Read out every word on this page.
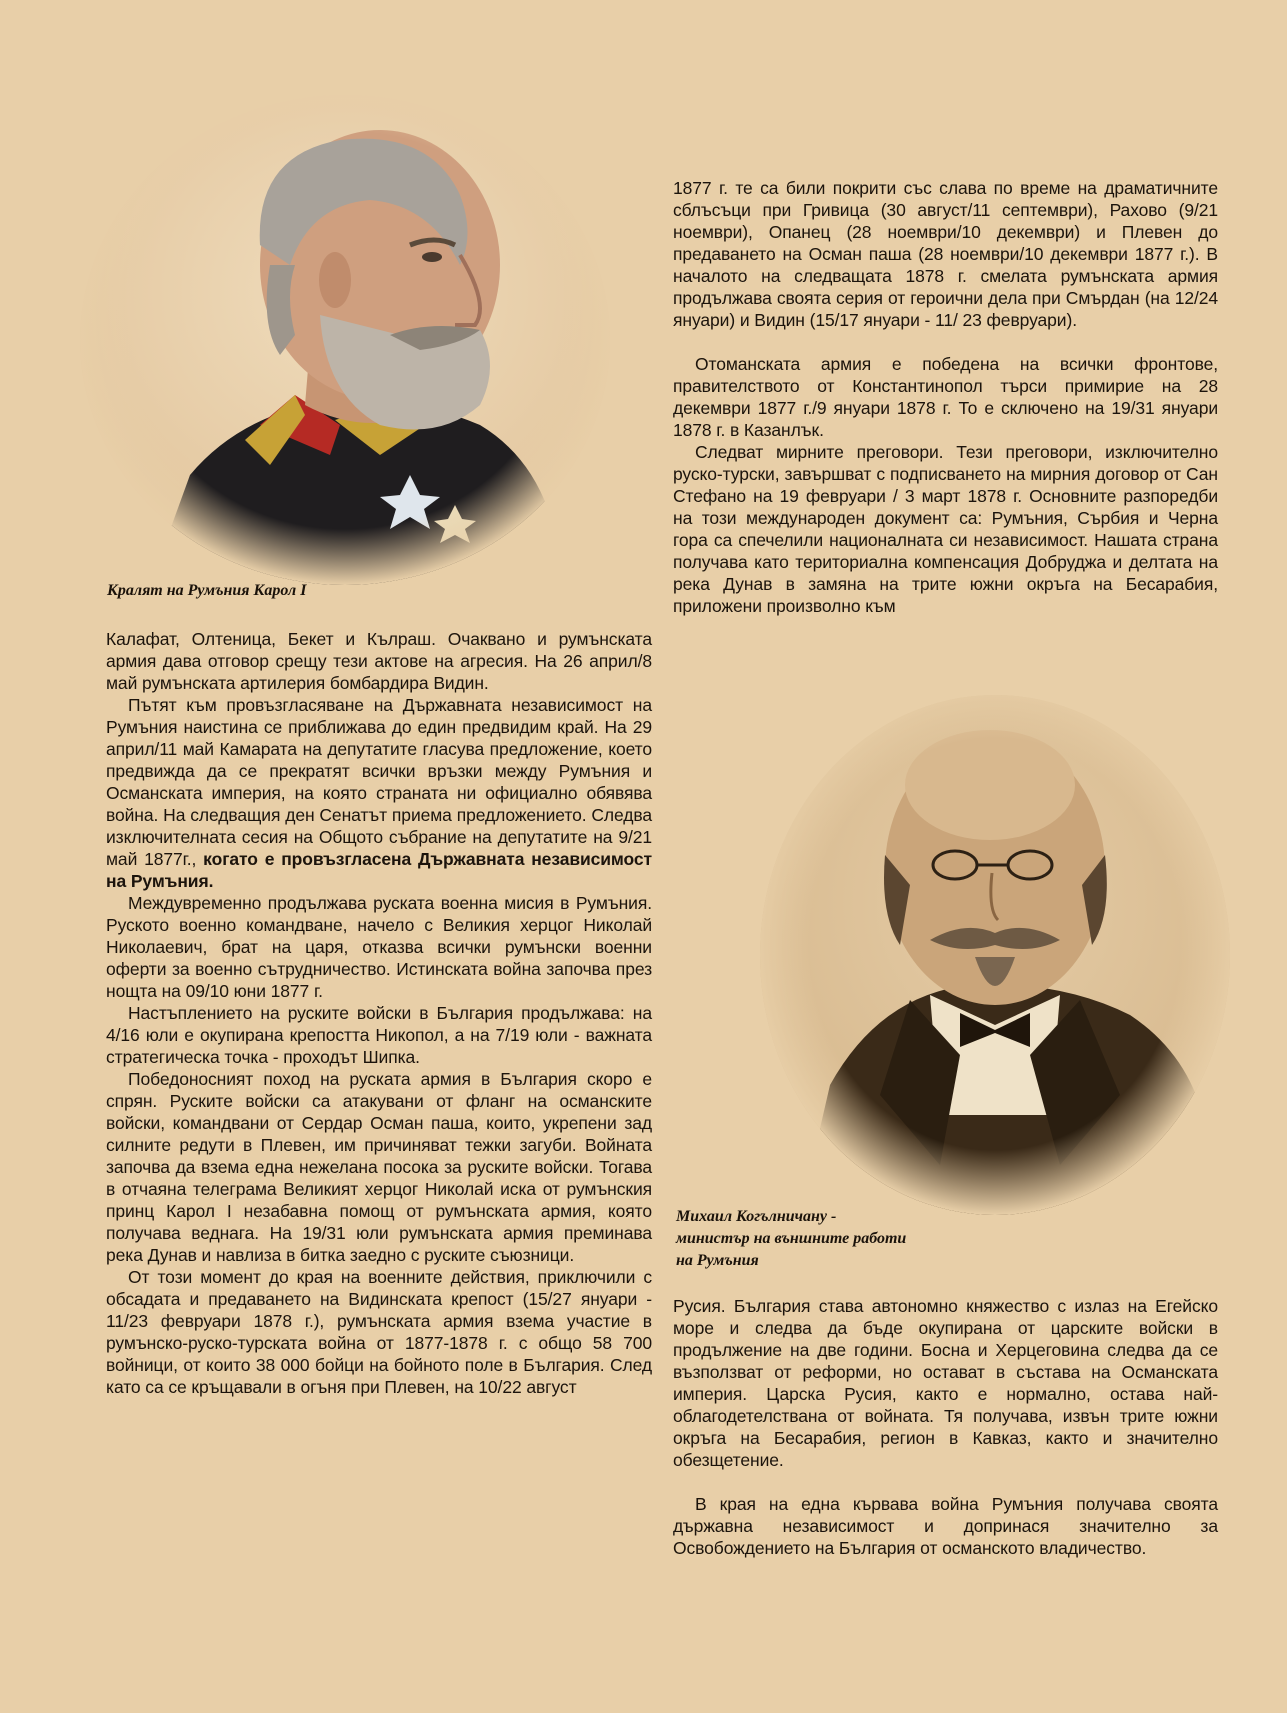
Кралят на Румъния Карол I

Калафат, Олтеница, Бекет и Кълраш. Очаквано и румънската армия дава отговор срещу тези актове на агресия. На 26 април/8 май румънската артилерия бомбардира Видин.

Пътят към провъзгласяване на Държавната независимост на Румъния наистина се приближава до един предвидим край. На 29 април/11 май Камарата на депутатите гласува предложение, което предвижда да се прекратят всички връзки между Румъния и Османската империя, на която страната ни официално обявява война. На следващия ден Сенатът приема предложението. Следва изключителната сесия на Общото събрание на депутатите на 9/21 май 1877г., когато е провъзгласена Държавната независимост на Румъния.

Междувременно продължава руската военна мисия в Румъния. Руското военно командване, начело с Великия херцог Николай Николаевич, брат на царя, отказва всички румънски военни оферти за военно сътрудничество. Истинската война започва през нощта на 09/10 юни 1877 г.

Настъплението на руските войски в България продължава: на 4/16 юли е окупирана крепостта Никопол, а на 7/19 юли - важната стратегическа точка - проходът Шипка.

Победоносният поход на руската армия в България скоро е спрян. Руските войски са атакувани от фланг на османските войски, командвани от Сердар Осман паша, които, укрепени зад силните редути в Плевен, им причиняват тежки загуби. Войната започва да взема една нежелана посока за руските войски. Тогава в отчаяна телеграма Великият херцог Николай иска от румънския принц Карол I незабавна помощ от румънската армия, която получава веднага. На 19/31 юли румънската армия преминава река Дунав и навлиза в битка заедно с руските съюзници.

От този момент до края на военните действия, приключили с обсадата и предаването на Видинската крепост (15/27 януари - 11/23 февруари 1878 г.), румънската армия взема участие в румънско-руско-турската война от 1877-1878 г. с общо 58 700 войници, от които 38 000 бойци на бойното поле в България. След като са се кръщавали в огъня при Плевен, на 10/22 август

1877 г. те са били покрити със слава по време на драматичните сблъсъци при Гривица (30 август/11 септември), Рахово (9/21 ноември), Опанец (28 ноември/10 декември) и Плевен до предаването на Осман паша (28 ноември/10 декември 1877 г.). В началото на следващата 1878 г. смелата румънската армия продължава своята серия от героични дела при Смърдан (на 12/24 януари) и Видин (15/17 януари - 11/ 23 февруари).

Отоманската армия е победена на всички фронтове, правителството от Константинопол търси примирие на 28 декември 1877 г./9 януари 1878 г. То е сключено на 19/31 януари 1878 г. в Казанлък.

Следват мирните преговори. Тези преговори, изключително руско-турски, завършват с подписването на мирния договор от Сан Стефано на 19 февруари / 3 март 1878 г. Основните разпоредби на този международен документ са: Румъния, Сърбия и Черна гора са спечелили националната си независимост. Нашата страна получава като териториална компенсация Добруджа и делтата на река Дунав в замяна на трите южни окръга на Бесарабия, приложени произволно към

Михаил Когълничану -
министър на външните работи
на Румъния

Русия. България става автономно княжество с излаз на Егейско море и следва да бъде окупирана от царските войски в продължение на две години. Босна и Херцеговина следва да се възползват от реформи, но остават в състава на Османската империя. Царска Русия, както е нормално, остава най-облагодетелствана от войната. Тя получава, извън трите южни окръга на Бесарабия, регион в Кавказ, както и значително обезщетение.

В края на една кървава война Румъния получава своята държавна независимост и допринася значително за Освобождението на България от османското владичество.
